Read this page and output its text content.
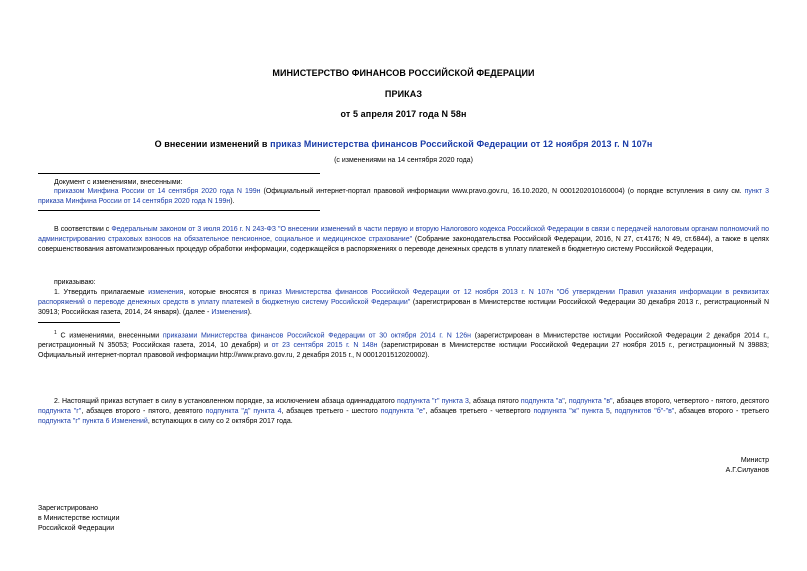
МИНИСТЕРСТВО ФИНАНСОВ РОССИЙСКОЙ ФЕДЕРАЦИИ
ПРИКАЗ
от 5 апреля 2017 года N 58н
О внесении изменений в приказ Министерства финансов Российской Федерации от 12 ноября 2013 г. N 107н
(с изменениями на 14 сентября 2020 года)
Документ с изменениями, внесенными:
приказом Минфина России от 14 сентября 2020 года N 199н (Официальный интернет-портал правовой информации www.pravo.gov.ru, 16.10.2020, N 0001202010160004) (о порядке вступления в силу см. пункт 3 приказа Минфина России от 14 сентября 2020 года N 199н).
В соответствии с Федеральным законом от 3 июля 2016 г. N 243-ФЗ "О внесении изменений в части первую и вторую Налогового кодекса Российской Федерации в связи с передачей налоговым органам полномочий по администрированию страховых взносов на обязательное пенсионное, социальное и медицинское страхование" (Собрание законодательства Российской Федерации, 2016, N 27, ст.4176; N 49, ст.6844), а также в целях совершенствования автоматизированных процедур обработки информации, содержащейся в распоряжениях о переводе денежных средств в уплату платежей в бюджетную систему Российской Федерации,
приказываю:
1. Утвердить прилагаемые изменения, которые вносятся в приказ Министерства финансов Российской Федерации от 12 ноября 2013 г. N 107н "Об утверждении Правил указания информации в реквизитах распоряжений о переводе денежных средств в уплату платежей в бюджетную систему Российской Федерации" (зарегистрирован в Министерстве юстиции Российской Федерации 30 декабря 2013 г., регистрационный N 30913; Российская газета, 2014, 24 января). (далее - Изменения).
$^1$ С изменениями, внесенными приказами Министерства финансов Российской Федерации от 30 октября 2014 г. N 126н (зарегистрирован в Министерстве юстиции Российской Федерации 2 декабря 2014 г., регистрационный N 35053; Российская газета, 2014, 10 декабря) и от 23 сентября 2015 г. N 148н (зарегистрирован в Министерстве юстиции Российской Федерации 27 ноября 2015 г., регистрационный N 39883; Официальный интернет-портал правовой информации http://www.pravo.gov.ru, 2 декабря 2015 г., N 0001201512020002).
2. Настоящий приказ вступает в силу в установленном порядке, за исключением абзаца одиннадцатого подпункта "г" пункта 3, абзаца пятого подпункта "а", подпункта "в", абзацев второго, четвертого - пятого, десятого подпункта "г", абзацев второго - пятого, девятого подпункта "д" пункта 4, абзацев третьего - шестого подпункта "е", абзацев третьего - четвертого подпункта "ж" пункта 5, подпунктов "б"-"в", абзацев второго - третьего подпункта "г" пункта 6 Изменений, вступающих в силу со 2 октября 2017 года.
Министр
А.Г.Силуанов
Зарегистрировано
в Министерстве юстиции
Российской Федерации
